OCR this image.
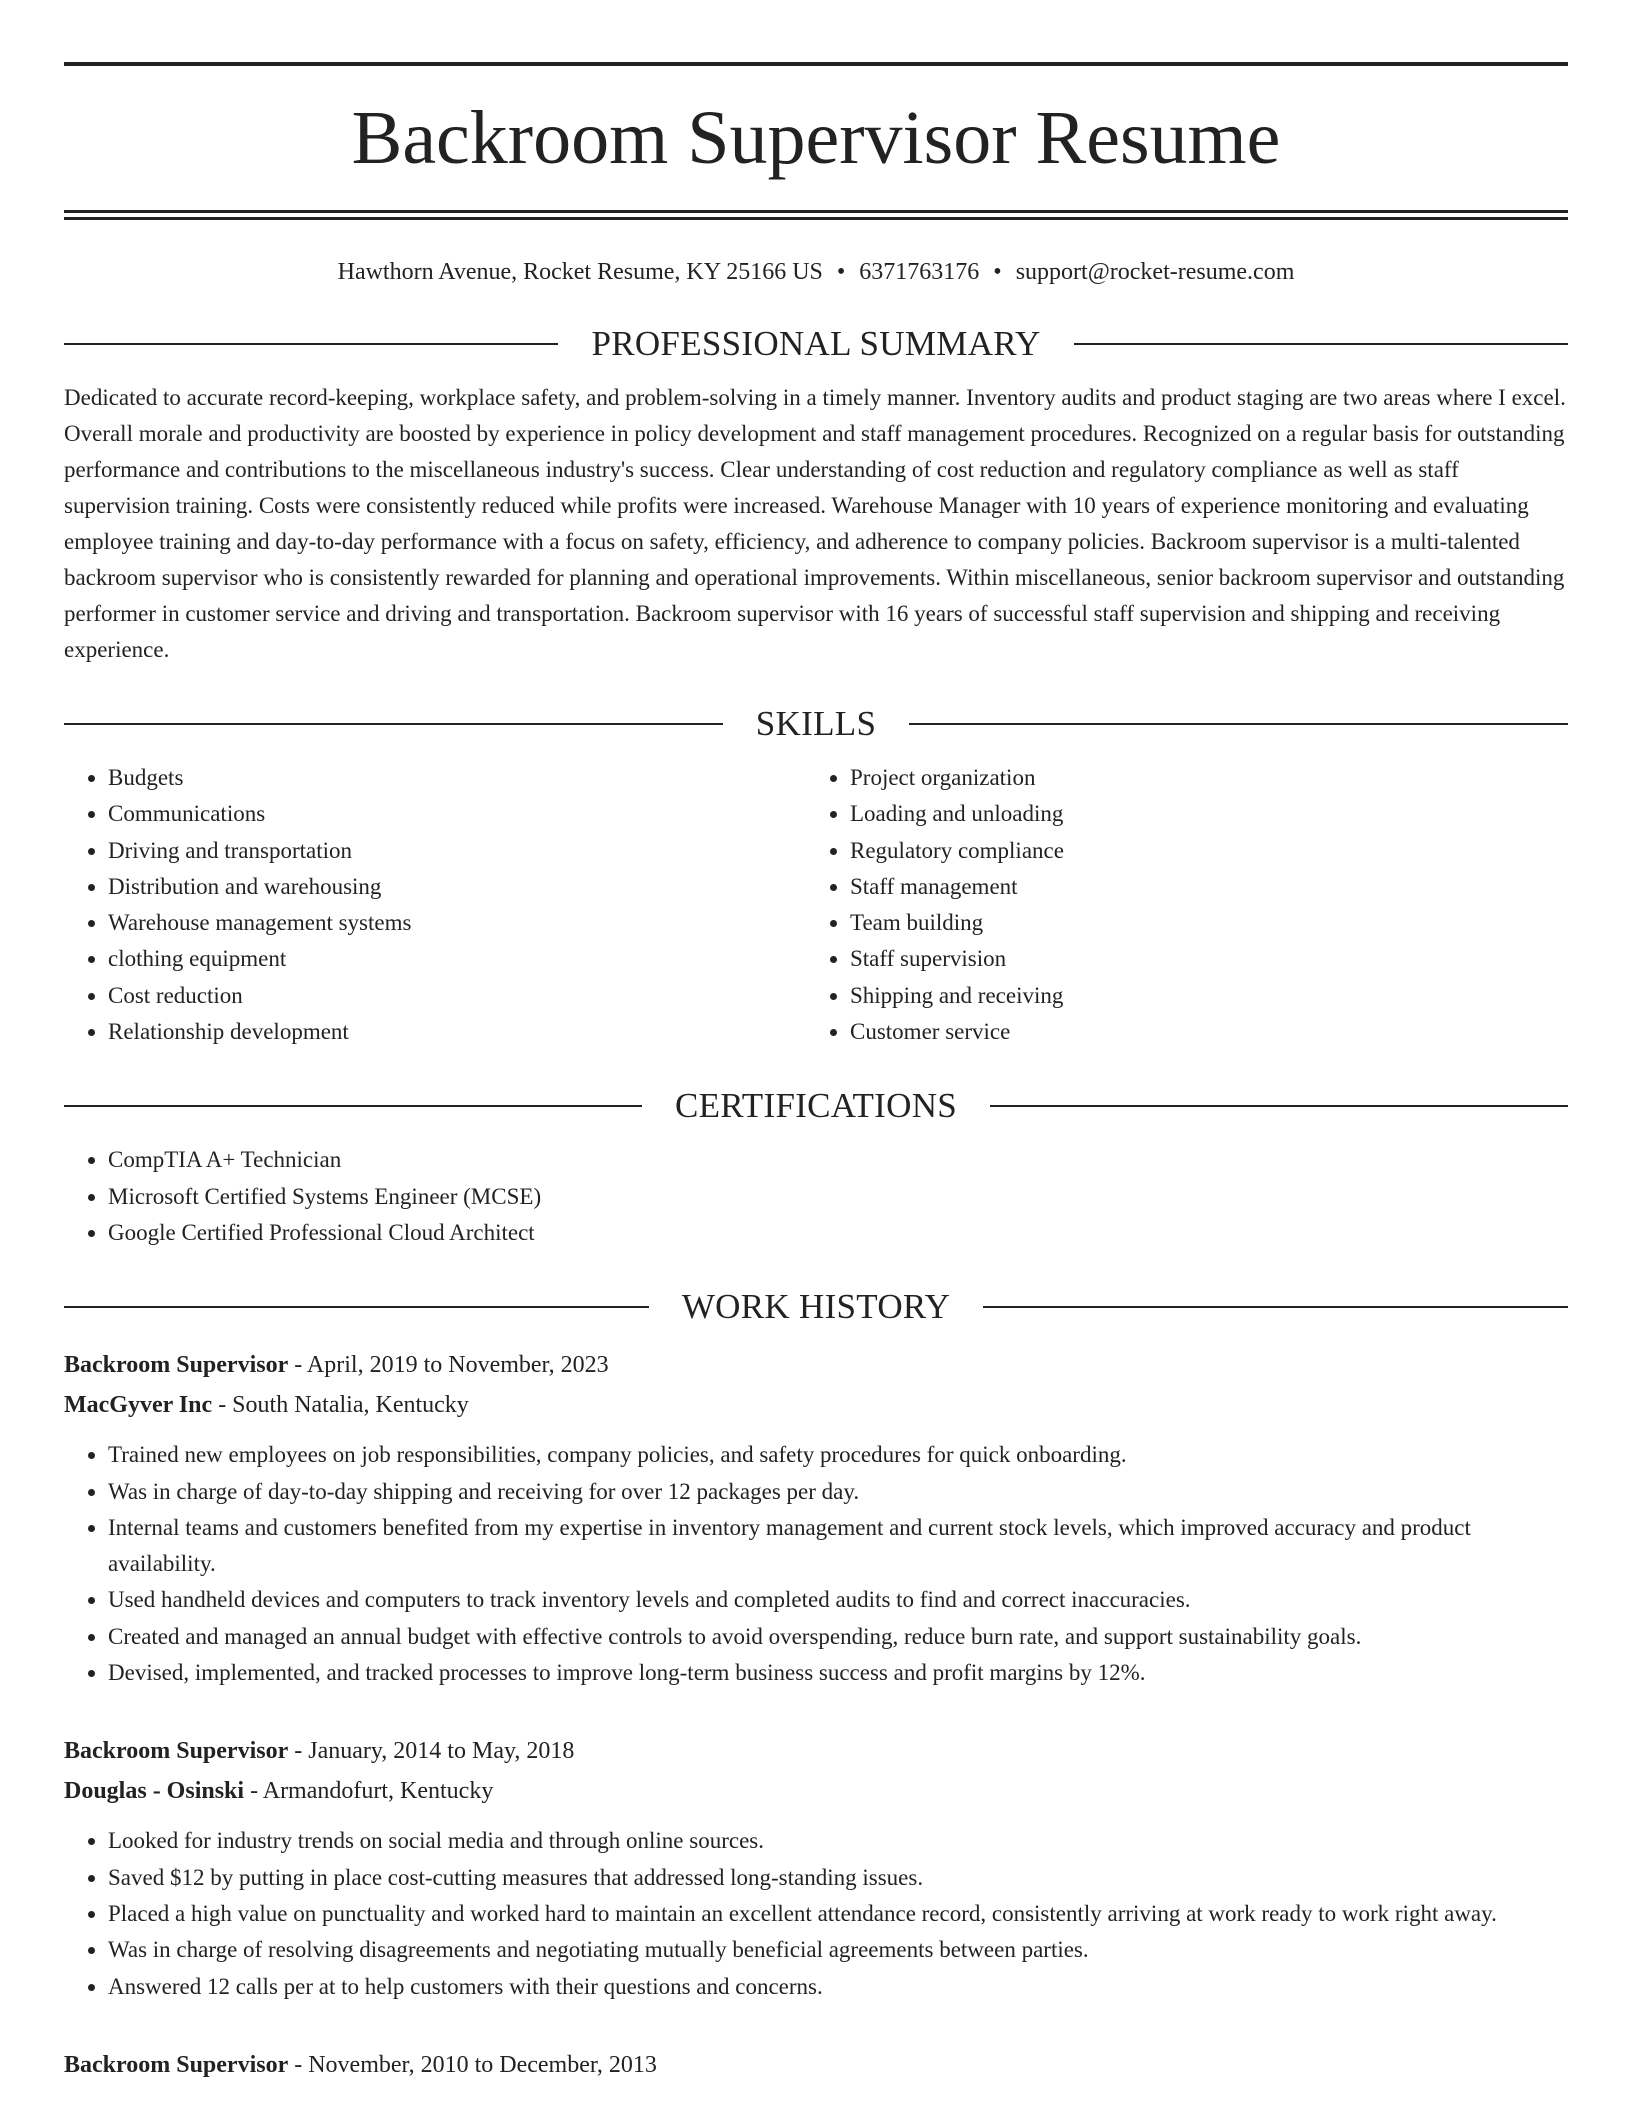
Backroom Supervisor Resume
Hawthorn Avenue, Rocket Resume, KY 25166 US • 6371763176 • support@rocket-resume.com
PROFESSIONAL SUMMARY

Dedicated to accurate record-keeping, workplace safety, and problem-solving in a timely manner. Inventory audits and product staging are two areas where I excel. Overall morale and productivity are boosted by experience in policy development and staff management procedures. Recognized on a regular basis for outstanding performance and contributions to the miscellaneous industry's success. Clear understanding of cost reduction and regulatory compliance as well as staff supervision training. Costs were consistently reduced while profits were increased. Warehouse Manager with 10 years of experience monitoring and evaluating employee training and day-to-day performance with a focus on safety, efficiency, and adherence to company policies. Backroom supervisor is a multi-talented backroom supervisor who is consistently rewarded for planning and operational improvements. Within miscellaneous, senior backroom supervisor and outstanding performer in customer service and driving and transportation. Backroom supervisor with 16 years of successful staff supervision and shipping and receiving experience.

SKILLS
• Budgets
• Communications
• Driving and transportation
• Distribution and warehousing
• Warehouse management systems
• clothing equipment
• Cost reduction
• Relationship development
• Project organization
• Loading and unloading
• Regulatory compliance
• Staff management
• Team building
• Staff supervision
• Shipping and receiving
• Customer service
CERTIFICATIONS
• CompTIA A+ Technician
• Microsoft Certified Systems Engineer (MCSE)
• Google Certified Professional Cloud Architect
WORK HISTORY
Backroom Supervisor - April, 2019 to November, 2023
MacGyver Inc - South Natalia, Kentucky
• Trained new employees on job responsibilities, company policies, and safety procedures for quick onboarding.
• Was in charge of day-to-day shipping and receiving for over 12 packages per day.
• Internal teams and customers benefited from my expertise in inventory management and current stock levels, which improved accuracy and product availability.
• Used handheld devices and computers to track inventory levels and completed audits to find and correct inaccuracies.
• Created and managed an annual budget with effective controls to avoid overspending, reduce burn rate, and support sustainability goals.
• Devised, implemented, and tracked processes to improve long-term business success and profit margins by 12%.
Backroom Supervisor - January, 2014 to May, 2018
Douglas - Osinski - Armandofurt, Kentucky
• Looked for industry trends on social media and through online sources.
• Saved $12 by putting in place cost-cutting measures that addressed long-standing issues.
• Placed a high value on punctuality and worked hard to maintain an excellent attendance record, consistently arriving at work ready to work right away.
• Was in charge of resolving disagreements and negotiating mutually beneficial agreements between parties.
• Answered 12 calls per at to help customers with their questions and concerns.
Backroom Supervisor - November, 2010 to December, 2013
